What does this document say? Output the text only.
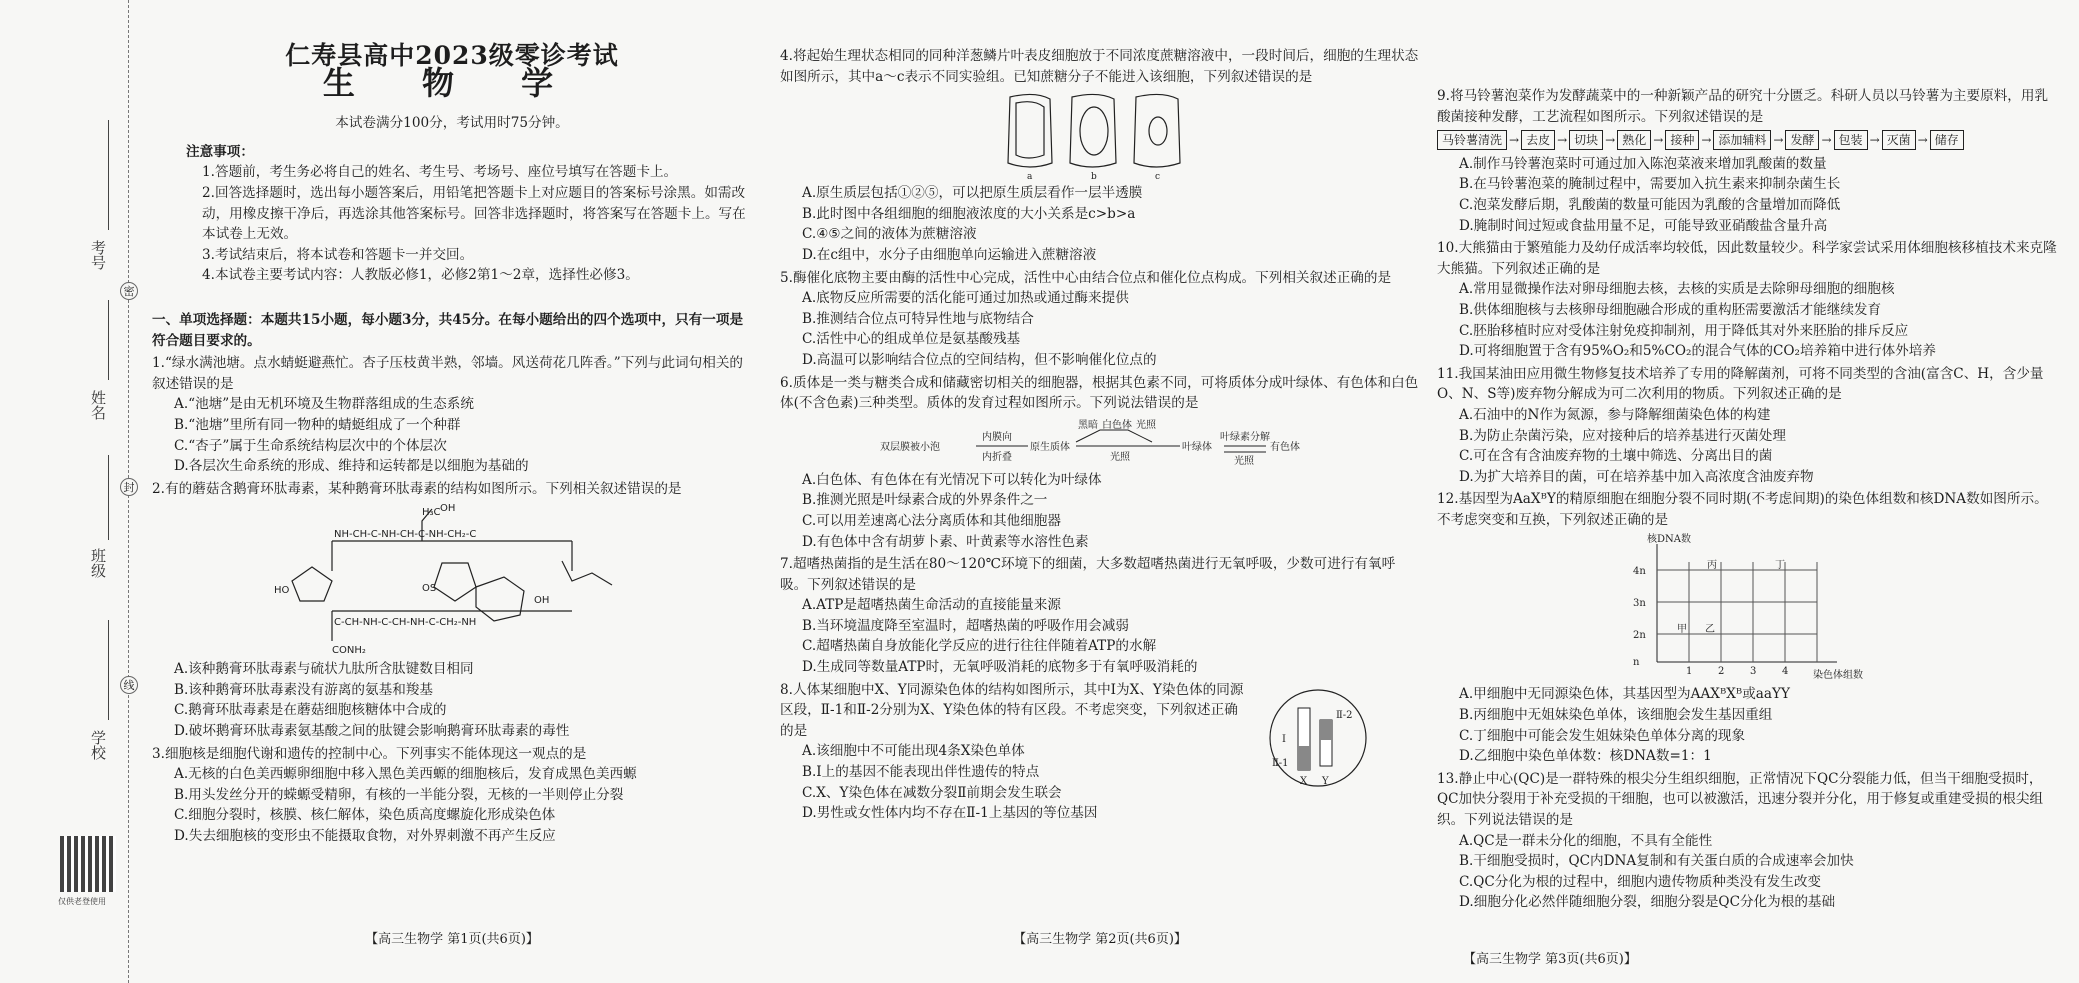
考号
姓名
班级
学校
密
封
线
仅供老登使用
仁寿县高中2023级零诊考试
生 物 学
本试卷满分100分，考试用时75分钟。
注意事项：

1.答题前，考生务必将自己的姓名、考生号、考场号、座位号填写在答题卡上。

2.回答选择题时，选出每小题答案后，用铅笔把答题卡上对应题目的答案标号涂黑。如需改动，用橡皮擦干净后，再选涂其他答案标号。回答非选择题时，将答案写在答题卡上。写在本试卷上无效。

3.考试结束后，将本试卷和答题卡一并交回。

4.本试卷主要考试内容：人教版必修1，必修2第1～2章，选择性必修3。

一、单项选择题：本题共15小题，每小题3分，共45分。在每小题给出的四个选项中，只有一项是符合题目要求的。

1.“绿水满池塘。点水蜻蜓避燕忙。杏子压枝黄半熟，邻墙。风送荷花几阵香。”下列与此词句相关的叙述错误的是

A.“池塘”是由无机环境及生物群落组成的生态系统

B.“池塘”里所有同一物种的蜻蜓组成了一个种群

C.“杏子”属于生命系统结构层次中的个体层次

D.各层次生命系统的形成、维持和运转都是以细胞为基础的

2.有的蘑菇含鹅膏环肽毒素，某种鹅膏环肽毒素的结构如图所示。下列相关叙述错误的是

NH-CH-C-NH-CH-C-NH-CH₂-C
C-CH-NH-C-CH-NH-C-CH₂-NH
HO	OS
OH
CONH₂
H₃C OH

A.该种鹅膏环肽毒素与硫状九肽所含肽键数目相同

B.该种鹅膏环肽毒素没有游离的氨基和羧基

C.鹅膏环肽毒素是在蘑菇细胞核糖体中合成的

D.破坏鹅膏环肽毒素氨基酸之间的肽键会影响鹅膏环肽毒素的毒性

3.细胞核是细胞代谢和遗传的控制中心。下列事实不能体现这一观点的是

A.无核的白色美西螈卵细胞中移入黑色美西螈的细胞核后，发育成黑色美西螈

B.用头发丝分开的蝾螈受精卵，有核的一半能分裂，无核的一半则停止分裂

C.细胞分裂时，核膜、核仁解体，染色质高度螺旋化形成染色体

D.失去细胞核的变形虫不能摄取食物，对外界刺激不再产生反应

【高三生物学 第1页(共6页)】

4.将起始生理状态相同的同种洋葱鳞片叶表皮细胞放于不同浓度蔗糖溶液中，一段时间后，细胞的生理状态如图所示，其中a～c表示不同实验组。已知蔗糖分子不能进入该细胞，下列叙述错误的是

a	b	c

A.原生质层包括①②⑤，可以把原生质层看作一层半透膜

B.此时图中各组细胞的细胞液浓度的大小关系是c>b>a

C.④⑤之间的液体为蔗糖溶液

D.在c组中，水分子由细胞单向运输进入蔗糖溶液

5.酶催化底物主要由酶的活性中心完成，活性中心由结合位点和催化位点构成。下列相关叙述正确的是

A.底物反应所需要的活化能可通过加热或通过酶来提供

B.推测结合位点可特异性地与底物结合

C.活性中心的组成单位是氨基酸残基

D.高温可以影响结合位点的空间结构，但不影响催化位点的

6.质体是一类与糖类合成和储藏密切相关的细胞器，根据其色素不同，可将质体分成叶绿体、有色体和白色体(不含色素)三种类型。质体的发育过程如图所示。下列说法错误的是

双层膜被小泡
内膜向
内折叠
原生质体
黑暗 白色体 光照
光照
叶绿体
叶绿素分解
光照
有色体

A.白色体、有色体在有光情况下可以转化为叶绿体

B.推测光照是叶绿素合成的外界条件之一

C.可以用差速离心法分离质体和其他细胞器

D.有色体中含有胡萝卜素、叶黄素等水溶性色素

7.超嗜热菌指的是生活在80～120℃环境下的细菌，大多数超嗜热菌进行无氧呼吸，少数可进行有氧呼吸。下列叙述错误的是

A.ATP是超嗜热菌生命活动的直接能量来源

B.当环境温度降至室温时，超嗜热菌的呼吸作用会减弱

C.超嗜热菌自身放能化学反应的进行往往伴随着ATP的水解

D.生成同等数量ATP时，无氧呼吸消耗的底物多于有氧呼吸消耗的

8.人体某细胞中X、Y同源染色体的结构如图所示，其中Ⅰ为X、Y染色体的同源区段，Ⅱ-1和Ⅱ-2分别为X、Y染色体的特有区段。不考虑突变，下列叙述正确的是

A.该细胞中不可能出现4条X染色单体

B.Ⅰ上的基因不能表现出伴性遗传的特点

C.X、Y染色体在减数分裂Ⅱ前期会发生联会

D.男性或女性体内均不存在Ⅱ-1上基因的等位基因

Ⅱ-2
Ⅰ
Ⅱ-1
X Y
【高三生物学 第2页(共6页)】

9.将马铃薯泡菜作为发酵蔬菜中的一种新颖产品的研究十分匮乏。科研人员以马铃薯为主要原料，用乳酸菌接种发酵，工艺流程如图所示。下列叙述错误的是

马铃薯清洗 → 去皮 → 切块 → 熟化 → 接种 → 添加辅料 → 发酵 → 包装 → 灭菌 → 储存

A.制作马铃薯泡菜时可通过加入陈泡菜液来增加乳酸菌的数量

B.在马铃薯泡菜的腌制过程中，需要加入抗生素来抑制杂菌生长

C.泡菜发酵后期，乳酸菌的数量可能因为乳酸的含量增加而降低

D.腌制时间过短或食盐用量不足，可能导致亚硝酸盐含量升高

10.大熊猫由于繁殖能力及幼仔成活率均较低，因此数量较少。科学家尝试采用体细胞核移植技术来克隆大熊猫。下列叙述正确的是

A.常用显微操作法对卵母细胞去核，去核的实质是去除卵母细胞的细胞核

B.供体细胞核与去核卵母细胞融合形成的重构胚需要激活才能继续发育

C.胚胎移植时应对受体注射免疫抑制剂，用于降低其对外来胚胎的排斥反应

D.可将细胞置于含有95%O₂和5%CO₂的混合气体的CO₂培养箱中进行体外培养

11.我国某油田应用微生物修复技术培养了专用的降解菌剂，可将不同类型的含油(富含C、H，含少量O、N、S等)废弃物分解成为可二次利用的物质。下列叙述正确的是

A.石油中的N作为氮源，参与降解细菌染色体的构建

B.为防止杂菌污染，应对接种后的培养基进行灭菌处理

C.可在含有含油废弃物的土壤中筛选、分离出目的菌

D.为扩大培养目的菌，可在培养基中加入高浓度含油废弃物

12.基因型为AaXᴮY的精原细胞在细胞分裂不同时期(不考虑间期)的染色体组数和核DNA数如图所示。不考虑突变和互换，下列叙述正确的是

核DNA数
染色体组数
4n
3n
2n
n
1	2	3	4
甲 乙
丙	丁

A.甲细胞中无同源染色体，其基因型为AAXᴮXᴮ或aaYY

B.丙细胞中无姐妹染色单体，该细胞会发生基因重组

C.丁细胞中可能会发生姐妹染色单体分离的现象

D.乙细胞中染色单体数：核DNA数=1：1

13.静止中心(QC)是一群特殊的根尖分生组织细胞，正常情况下QC分裂能力低，但当干细胞受损时，QC加快分裂用于补充受损的干细胞，也可以被激活，迅速分裂并分化，用于修复或重建受损的根尖组织。下列说法错误的是

A.QC是一群未分化的细胞，不具有全能性

B.干细胞受损时，QC内DNA复制和有关蛋白质的合成速率会加快

C.QC分化为根的过程中，细胞内遗传物质种类没有发生改变

D.细胞分化必然伴随细胞分裂，细胞分裂是QC分化为根的基础

【高三生物学 第3页(共6页)】
